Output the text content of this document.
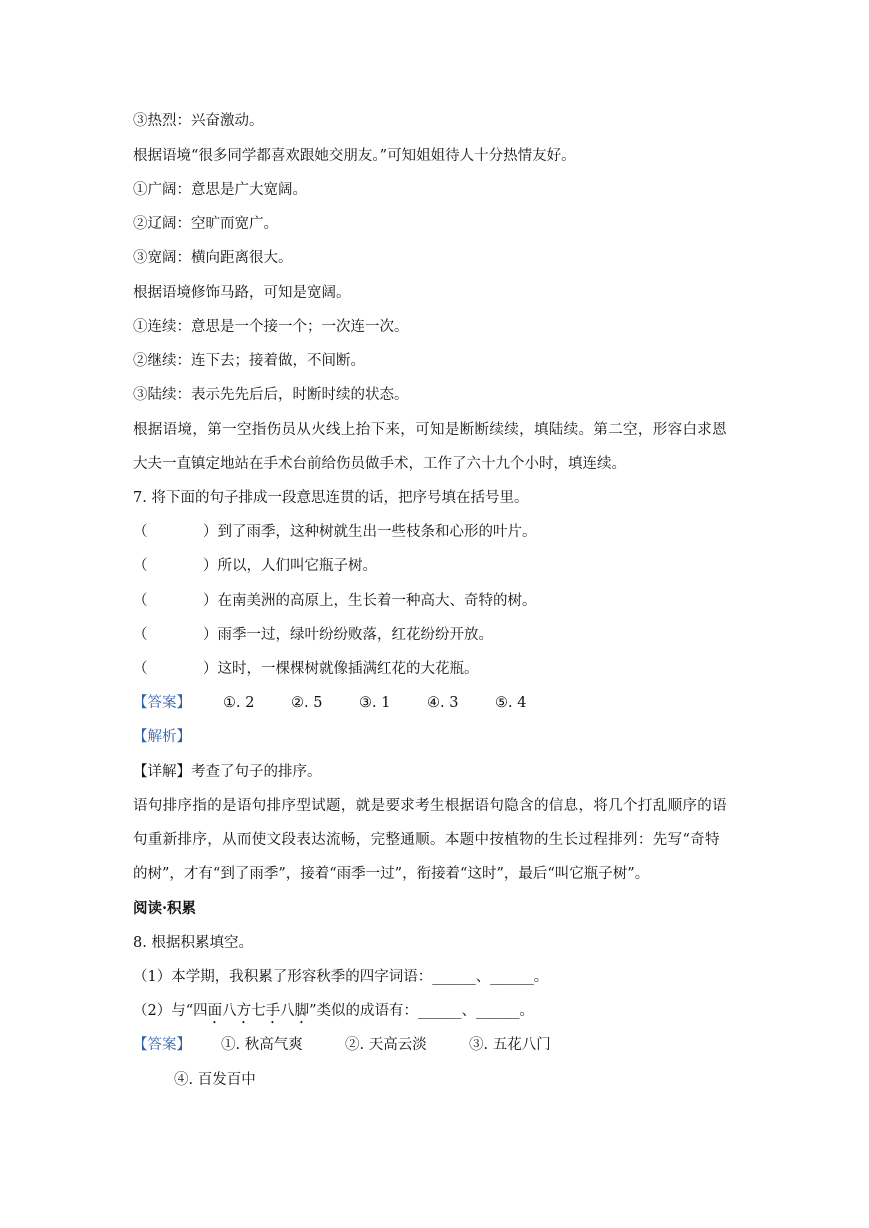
③热烈：兴奋激动。
根据语境“很多同学都喜欢跟她交朋友。”可知姐姐待人十分热情友好。
①广阔：意思是广大宽阔。
②辽阔：空旷而宽广。
③宽阔：横向距离很大。
根据语境修饰马路，可知是宽阔。
①连续：意思是一个接一个；一次连一次。
②继续：连下去；接着做，不间断。
③陆续：表示先先后后，时断时续的状态。
根据语境，第一空指伤员从火线上抬下来，可知是断断续续，填陆续。第二空，形容白求恩
大夫一直镇定地站在手术台前给伤员做手术，工作了六十九个小时，填连续。
7. 将下面的句子排成一段意思连贯的话，把序号填在括号里。
（	）到了雨季，这种树就生出一些枝条和心形的叶片。
（	）所以，人们叫它瓶子树。
（	）在南美洲的高原上，生长着一种高大、奇特的树。
（	）雨季一过，绿叶纷纷败落，红花纷纷开放。
（	）这时，一棵棵树就像插满红花的大花瓶。
【答案】 ①. 2	②. 5	③. 1	④. 3	⑤. 4
【解析】
【详解】考查了句子的排序。
语句排序指的是语句排序型试题，就是要求考生根据语句隐含的信息，将几个打乱顺序的语
句重新排序，从而使文段表达流畅，完整通顺。本题中按植物的生长过程排列：先写“奇特
的树”，才有“到了雨季”，接着“雨季一过”，衔接着“这时”，最后“叫它瓶子树”。
阅读·积累
8. 根据积累填空。
（1）本学期，我积累了形容秋季的四字词语：______、______。
（2）与“四面八方七手八脚”类似的成语有：______、______。
【答案】 ①. 秋高气爽	②. 天高云淡	③. 五花八门
④. 百发百中
